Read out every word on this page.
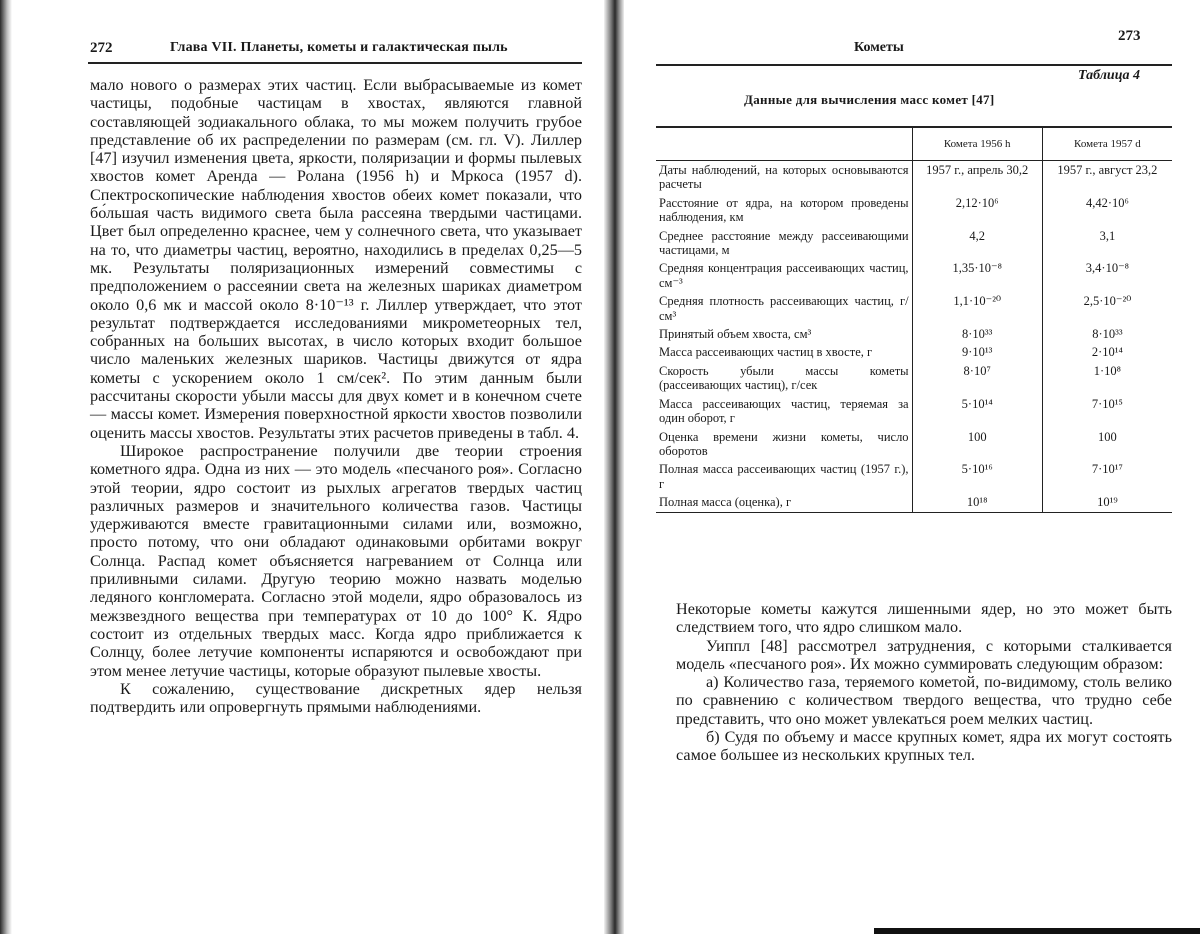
272	Глава VII. Планеты, кометы и галактическая пыль

мало нового о размерах этих частиц. Если выбрасываемые из комет частицы, подобные частицам в хвостах, являются главной составляющей зодиакального облака, то мы можем получить грубое представление об их распределении по размерам (см. гл. V). Лиллер [47] изучил изменения цвета, яркости, поляризации и формы пылевых хвостов комет Аренда — Ролана (1956 h) и Мркоса (1957 d). Спектроскопические наблюдения хвостов обеих комет показали, что бо́льшая часть видимого света была рассеяна твердыми частицами. Цвет был определенно краснее, чем у солнечного света, что указывает на то, что диаметры частиц, вероятно, находились в пределах 0,25—5 мк. Результаты поляризационных измерений совместимы с предположением о рассеянии света на железных шариках диаметром около 0,6 мк и массой около 8·10⁻¹³ г. Лиллер утверждает, что этот результат подтверждается исследованиями микрометеорных тел, собранных на больших высотах, в число которых входит большое число маленьких железных шариков. Частицы движутся от ядра кометы с ускорением около 1 см/сек². По этим данным были рассчитаны скорости убыли массы для двух комет и в конечном счете — массы комет. Измерения поверхностной яркости хвостов позволили оценить массы хвостов. Результаты этих расчетов приведены в табл. 4.

Широкое распространение получили две теории строения кометного ядра. Одна из них — это модель «песчаного роя». Согласно этой теории, ядро состоит из рыхлых агрегатов твердых частиц различных размеров и значительного количества газов. Частицы удерживаются вместе гравитационными силами или, возможно, просто потому, что они обладают одинаковыми орбитами вокруг Солнца. Распад комет объясняется нагреванием от Солнца или приливными силами. Другую теорию можно назвать моделью ледяного конгломерата. Согласно этой модели, ядро образовалось из межзвездного вещества при температурах от 10 до 100° К. Ядро состоит из отдельных твердых масс. Когда ядро приближается к Солнцу, более летучие компоненты испаряются и освобождают при этом менее летучие частицы, которые образуют пылевые хвосты.

К сожалению, существование дискретных ядер нельзя подтвердить или опровергнуть прямыми наблюдениями.

Кометы
273
Таблица 4
Данные для вычисления масс комет [47]
	Комета 1956 h	Комета 1957 d
Даты наблюдений, на которых основываются расчеты	1957 г., апрель 30,2	1957 г., август 23,2
Расстояние от ядра, на котором проведены наблюдения, км	2,12·10⁶	4,42·10⁶
Среднее расстояние между рассеивающими частицами, м	4,2	3,1
Средняя концентрация рассеивающих частиц, см⁻³	1,35·10⁻⁸	3,4·10⁻⁸
Средняя плотность рассеивающих частиц, г/см³	1,1·10⁻²⁰	2,5·10⁻²⁰
Принятый объем хвоста, см³	8·10³³	8·10³³
Масса рассеивающих частиц в хвосте, г	9·10¹³	2·10¹⁴
Скорость убыли массы кометы (рассеивающих частиц), г/сек	8·10⁷	1·10⁸
Масса рассеивающих частиц, теряемая за один оборот, г	5·10¹⁴	7·10¹⁵
Оценка времени жизни кометы, число оборотов	100	100
Полная масса рассеивающих частиц (1957 г.), г	5·10¹⁶	7·10¹⁷
Полная масса (оценка), г	10¹⁸	10¹⁹

Некоторые кометы кажутся лишенными ядер, но это может быть следствием того, что ядро слишком мало.

Уиппл [48] рассмотрел затруднения, с которыми сталкивается модель «песчаного роя». Их можно суммировать следующим образом:

а) Количество газа, теряемого кометой, по-видимому, столь велико по сравнению с количеством твердого вещества, что трудно себе представить, что оно может увлекаться роем мелких частиц.

б) Судя по объему и массе крупных комет, ядра их могут состоять самое большее из нескольких крупных тел.
